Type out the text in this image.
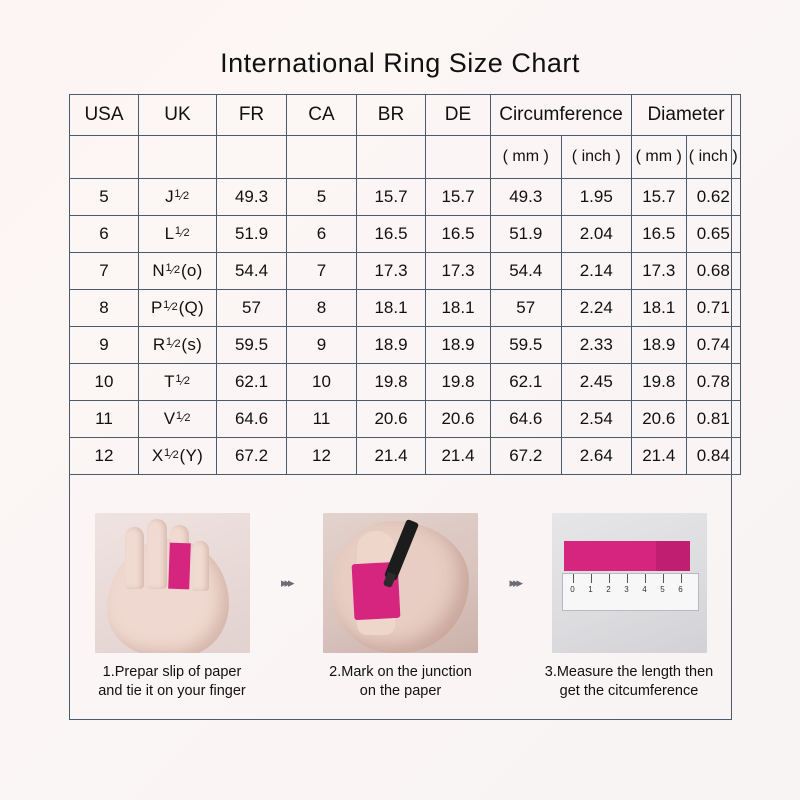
International Ring Size Chart
USA	UK	FR	CA	BR	DE	Circumference		Diameter	
						( mm )	( inch )	( mm )	( inch )
5	$J^1⁄_2$	49.3	5	15.7	15.7	49.3	1.95	15.7	0.62
6	$L^1⁄_2$	51.9	6	16.5	16.5	51.9	2.04	16.5	0.65
7	$N^1⁄_2(o)$	54.4	7	17.3	17.3	54.4	2.14	17.3	0.68
8	$P^1⁄_2(Q)$	57	8	18.1	18.1	57	2.24	18.1	0.71
9	$R^1⁄_2(s)$	59.5	9	18.9	18.9	59.5	2.33	18.9	0.74
10	$T^1⁄_2$	62.1	10	19.8	19.8	62.1	2.45	19.8	0.78
11	$V^1⁄_2$	64.6	11	20.6	20.6	64.6	2.54	20.6	0.81
12	$X^1⁄_2(Y)$	67.2	12	21.4	21.4	67.2	2.64	21.4	0.84
1.Prepar slip of paper
and tie it on your finger
▸▸▸
2.Mark on the junction
on the paper
▸▸▸	0 1 2 3 4 5 6
3.Measure the length then
get the citcumference
